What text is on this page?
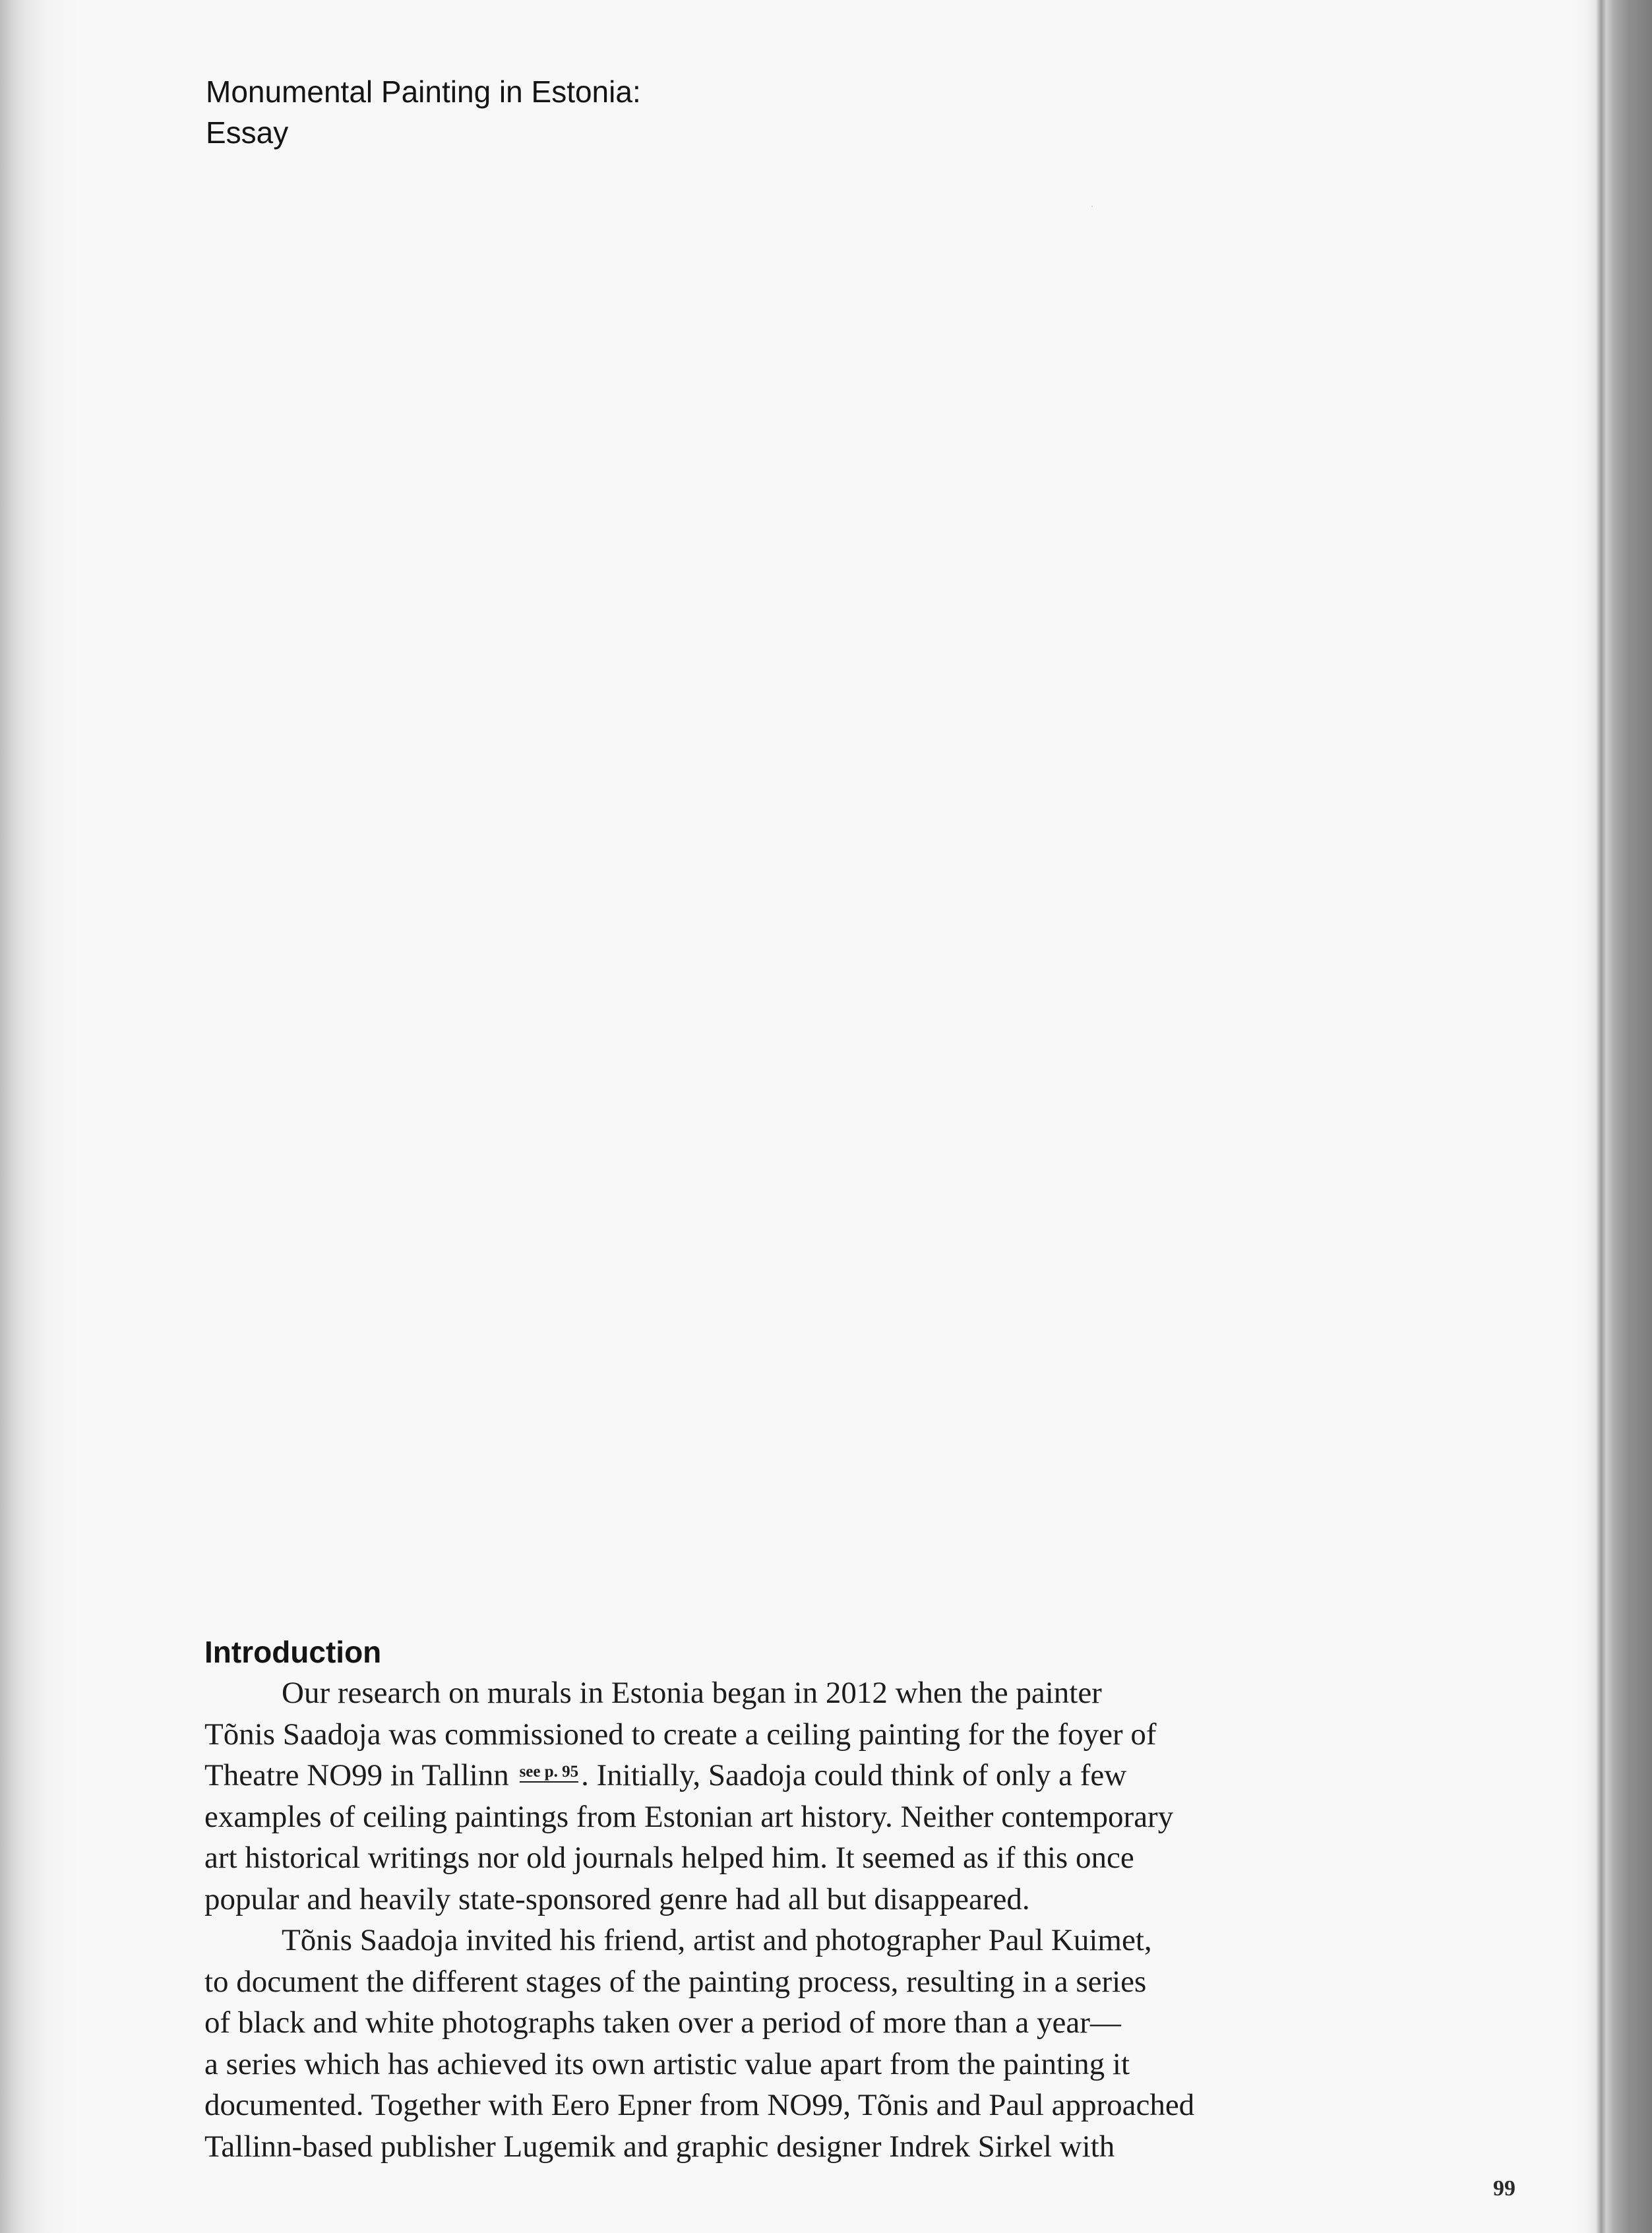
Monumental Painting in Estonia:
Essay
Introduction
Our research on murals in Estonia began in 2012 when the painter
Tõnis Saadoja was commissioned to create a ceiling painting for the foyer of
Theatre NO99 in Tallinn $^{see p. 95}$. Initially, Saadoja could think of only a few
examples of ceiling paintings from Estonian art history. Neither contemporary
art historical writings nor old journals helped him. It seemed as if this once
popular and heavily state-sponsored genre had all but disappeared.
Tõnis Saadoja invited his friend, artist and photographer Paul Kuimet,
to document the different stages of the painting process, resulting in a series
of black and white photographs taken over a period of more than a year—
a series which has achieved its own artistic value apart from the painting it
documented. Together with Eero Epner from NO99, Tõnis and Paul approached
Tallinn-based publisher Lugemik and graphic designer Indrek Sirkel with
99
